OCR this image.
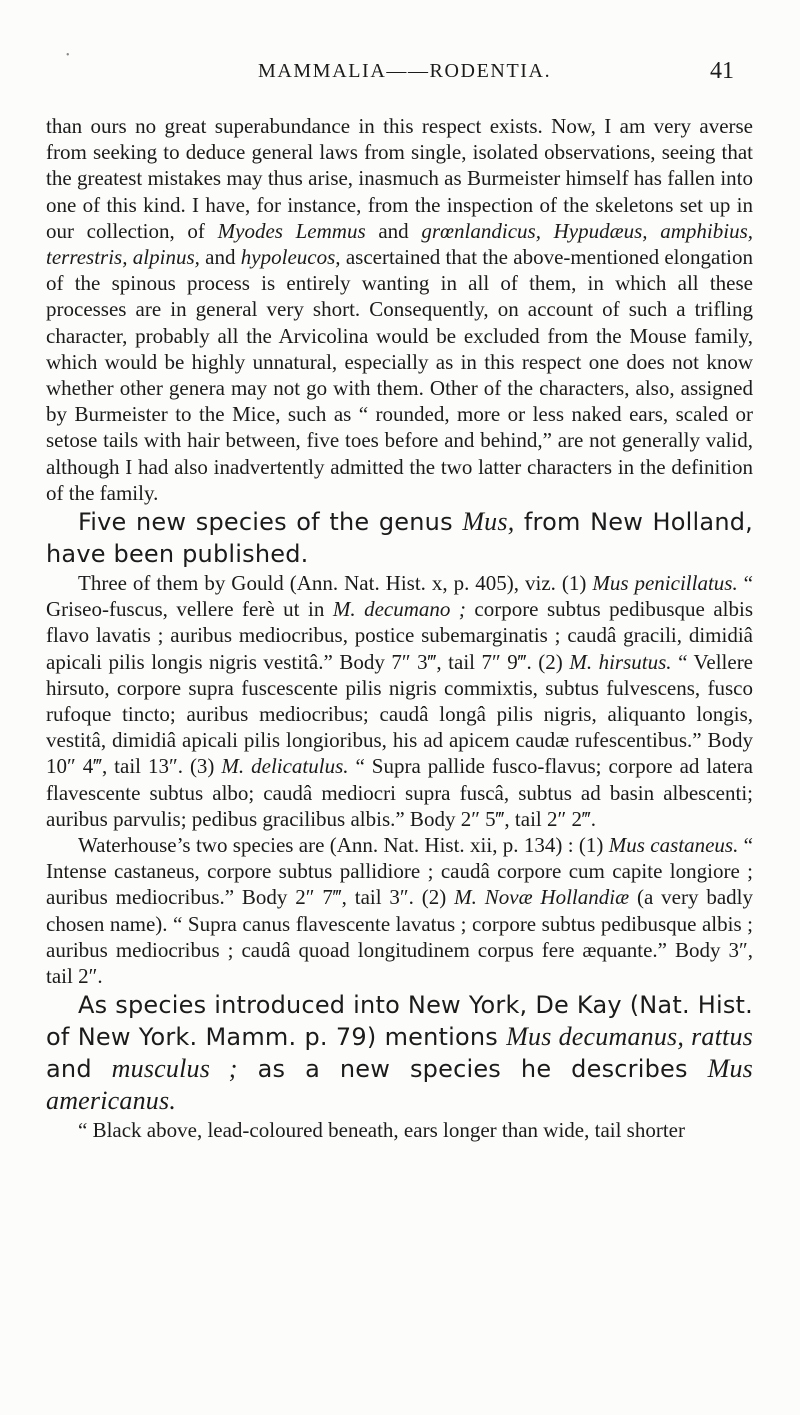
•
MAMMALIA——RODENTIA.	41

than ours no great superabundance in this respect exists. Now, I am very averse from seeking to deduce general laws from single, isolated observations, seeing that the greatest mistakes may thus arise, inasmuch as Burmeister himself has fallen into one of this kind. I have, for instance, from the inspection of the skeletons set up in our collection, of Myodes Lemmus and grœnlandicus, Hypudæus, amphibius, terrestris, alpinus, and hypoleucos, ascertained that the above-mentioned elongation of the spinous process is entirely wanting in all of them, in which all these processes are in general very short. Consequently, on account of such a trifling character, probably all the Arvicolina would be excluded from the Mouse family, which would be highly unnatural, especially as in this respect one does not know whether other genera may not go with them. Other of the characters, also, assigned by Burmeister to the Mice, such as “ rounded, more or less naked ears, scaled or setose tails with hair between, five toes before and behind,” are not generally valid, although I had also inadvertently admitted the two latter characters in the definition of the family.

Five new species of the genus Mus, from New Holland, have been published.

Three of them by Gould (Ann. Nat. Hist. x, p. 405), viz. (1) Mus penicillatus. “ Griseo-fuscus, vellere ferè ut in M. decumano ; corpore subtus pedibusque albis flavo lavatis ; auribus mediocribus, postice subemarginatis ; caudâ gracili, dimidiâ apicali pilis longis nigris vestitâ.” Body 7″ 3‴, tail 7″ 9‴. (2) M. hirsutus. “ Vellere hirsuto, corpore supra fuscescente pilis nigris commixtis, subtus fulvescens, fusco rufoque tincto; auribus mediocribus; caudâ longâ pilis nigris, aliquanto longis, vestitâ, dimidiâ apicali pilis longioribus, his ad apicem caudæ rufescentibus.” Body 10″ 4‴, tail 13″. (3) M. delicatulus. “ Supra pallide fusco-flavus; corpore ad latera flavescente subtus albo; caudâ mediocri supra fuscâ, subtus ad basin albescenti; auribus parvulis; pedibus gracilibus albis.” Body 2″ 5‴, tail 2″ 2‴.

Waterhouse’s two species are (Ann. Nat. Hist. xii, p. 134) : (1) Mus castaneus. “ Intense castaneus, corpore subtus pallidiore ; caudâ corpore cum capite longiore ; auribus mediocribus.” Body 2″ 7‴, tail 3″. (2) M. Novæ Hollandiæ (a very badly chosen name). “ Supra canus flavescente lavatus ; corpore subtus pedibusque albis ; auribus mediocribus ; caudâ quoad longitudinem corpus fere æquante.” Body 3″, tail 2″.

As species introduced into New York, De Kay (Nat. Hist. of New York. Mamm. p. 79) mentions Mus decumanus, rattus and musculus ; as a new species he describes Mus americanus.

“ Black above, lead-coloured beneath, ears longer than wide, tail shorter
